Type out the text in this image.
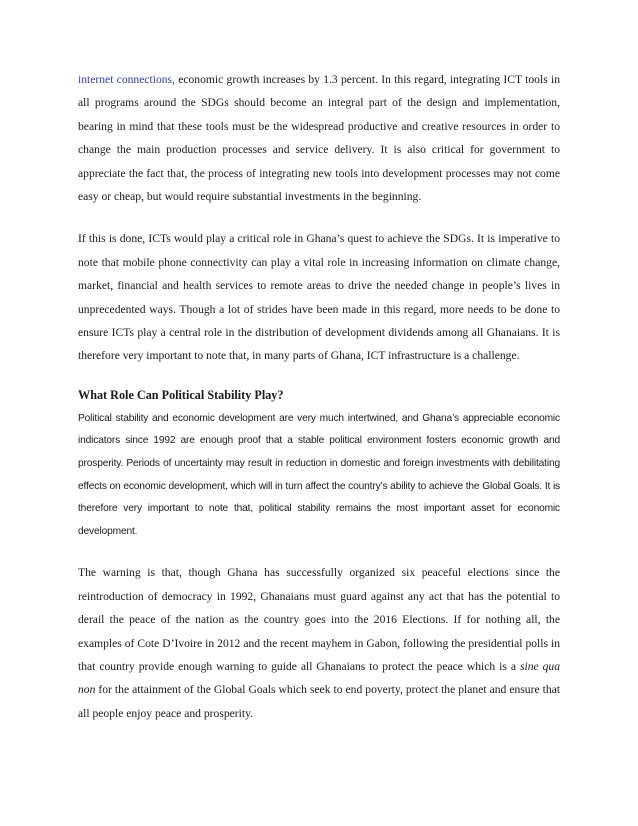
internet connections, economic growth increases by 1.3 percent. In this regard, integrating ICT tools in all programs around the SDGs should become an integral part of the design and implementation, bearing in mind that these tools must be the widespread productive and creative resources in order to change the main production processes and service delivery. It is also critical for government to appreciate the fact that, the process of integrating new tools into development processes may not come easy or cheap, but would require substantial investments in the beginning.

If this is done, ICTs would play a critical role in Ghana’s quest to achieve the SDGs. It is imperative to note that mobile phone connectivity can play a vital role in increasing information on climate change, market, financial and health services to remote areas to drive the needed change in people’s lives in unprecedented ways. Though a lot of strides have been made in this regard, more needs to be done to ensure ICTs play a central role in the distribution of development dividends among all Ghanaians. It is therefore very important to note that, in many parts of Ghana, ICT infrastructure is a challenge.

What Role Can Political Stability Play?

Political stability and economic development are very much intertwined, and Ghana’s appreciable economic indicators since 1992 are enough proof that a stable political environment fosters economic growth and prosperity. Periods of uncertainty may result in reduction in domestic and foreign investments with debilitating effects on economic development, which will in turn affect the country’s ability to achieve the Global Goals. It is therefore very important to note that, political stability remains the most important asset for economic development.

The warning is that, though Ghana has successfully organized six peaceful elections since the reintroduction of democracy in 1992, Ghanaians must guard against any act that has the potential to derail the peace of the nation as the country goes into the 2016 Elections. If for nothing all, the examples of Cote D’Ivoire in 2012 and the recent mayhem in Gabon, following the presidential polls in that country provide enough warning to guide all Ghanaians to protect the peace which is a sine qua non for the attainment of the Global Goals which seek to end poverty, protect the planet and ensure that all people enjoy peace and prosperity.
